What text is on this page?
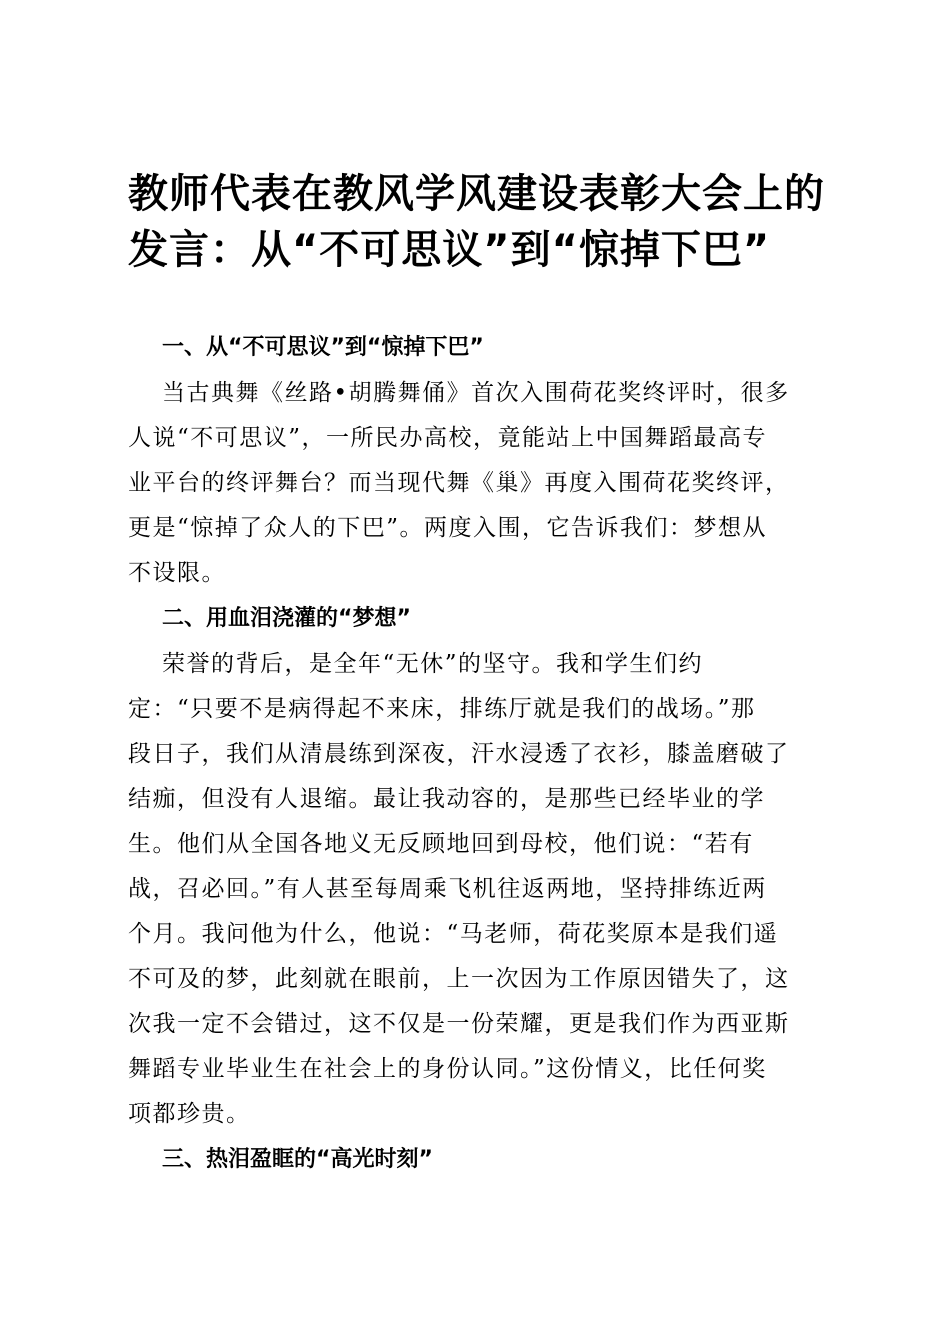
教师代表在教风学风建设表彰大会上的
发言：从“不可思议”到“惊掉下巴”
一、从“不可思议”到“惊掉下巴”

当古典舞《丝路•胡腾舞俑》首次入围荷花奖终评时，很多
人说“不可思议”，一所民办高校，竟能站上中国舞蹈最高专
业平台的终评舞台？而当现代舞《巢》再度入围荷花奖终评，
更是“惊掉了众人的下巴”。两度入围，它告诉我们：梦想从
不设限。

二、用血泪浇灌的“梦想”

荣誉的背后，是全年“无休”的坚守。我和学生们约
定：“只要不是病得起不来床，排练厅就是我们的战场。”那
段日子，我们从清晨练到深夜，汗水浸透了衣衫，膝盖磨破了
结痂，但没有人退缩。最让我动容的，是那些已经毕业的学
生。他们从全国各地义无反顾地回到母校，他们说：“若有
战，召必回。”有人甚至每周乘飞机往返两地，坚持排练近两
个月。我问他为什么，他说：“马老师，荷花奖原本是我们遥
不可及的梦，此刻就在眼前，上一次因为工作原因错失了，这
次我一定不会错过，这不仅是一份荣耀，更是我们作为西亚斯
舞蹈专业毕业生在社会上的身份认同。”这份情义，比任何奖
项都珍贵。

三、热泪盈眶的“高光时刻”
